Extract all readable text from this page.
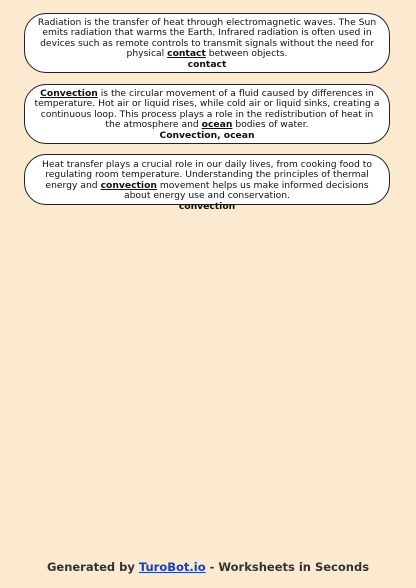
Radiation is the transfer of heat through electromagnetic waves. The Sun emits radiation that warms the Earth. Infrared radiation is often used in devices such as remote controls to transmit signals without the need for physical contact between objects.
contact
Convection is the circular movement of a fluid caused by differences in temperature. Hot air or liquid rises, while cold air or liquid sinks, creating a continuous loop. This process plays a role in the redistribution of heat in the atmosphere and ocean bodies of water.
Convection, ocean
Heat transfer plays a crucial role in our daily lives, from cooking food to regulating room temperature. Understanding the principles of thermal energy and convection movement helps us make informed decisions about energy use and conservation.
convection
Generated by TuroBot.io - Worksheets in Seconds
